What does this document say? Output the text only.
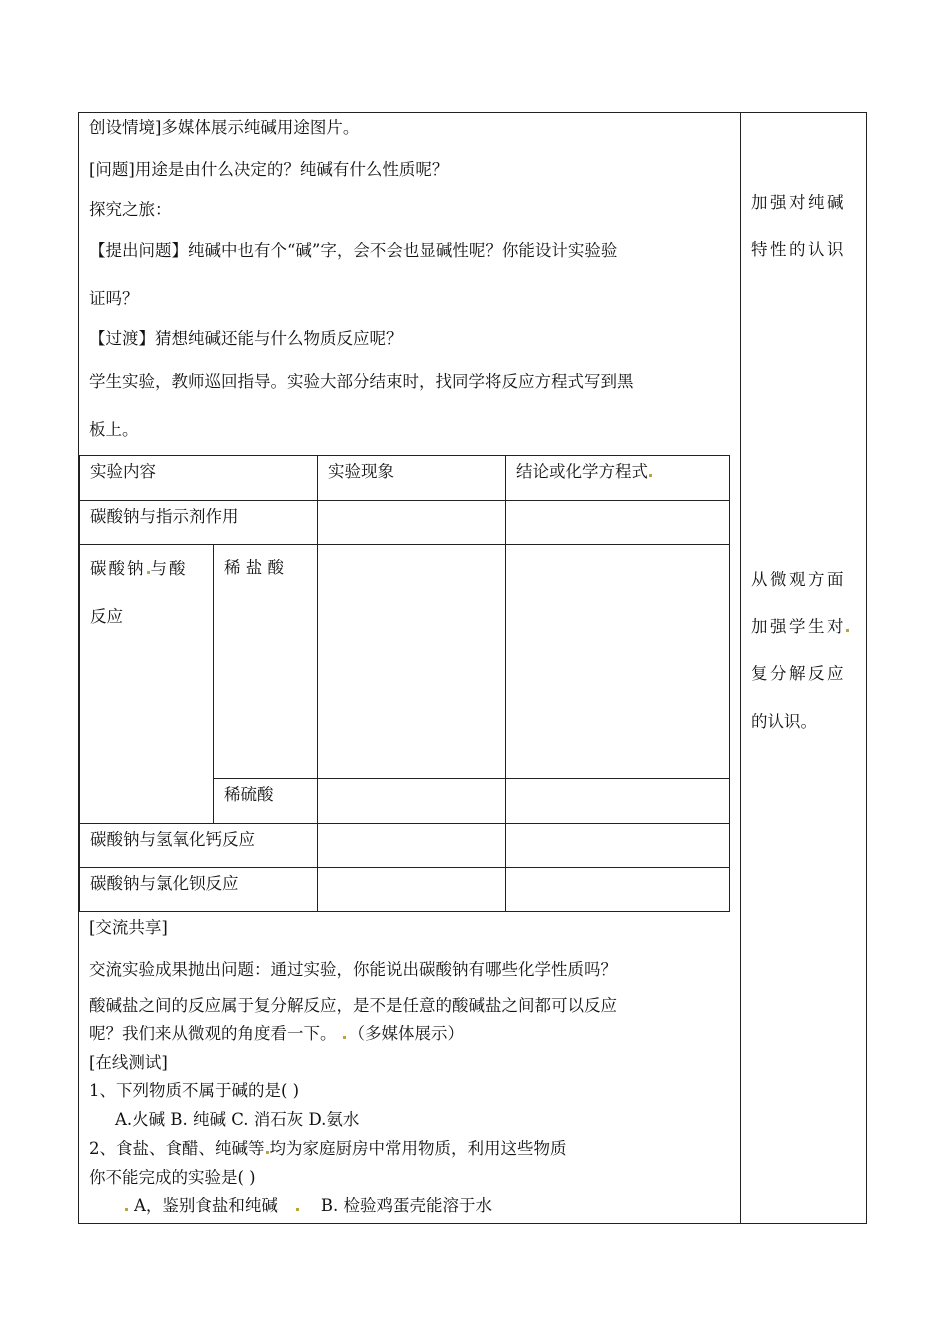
创设情境]多媒体展示纯碱用途图片。
[问题]用途是由什么决定的？纯碱有什么性质呢？
探究之旅：
【提出问题】纯碱中也有个“碱”字，会不会也显碱性呢？你能设计实验验
证吗？
【过渡】猜想纯碱还能与什么物质反应呢？
学生实验，教师巡回指导。实验大部分结束时，找同学将反应方程式写到黑
板上。
实验内容		实验现象	结论或化学方程式

碳酸钠与指示剂作用			

碳酸钠 与酸
反应	稀 盐 酸		

	稀硫酸		

碳酸钠与氢氧化钙反应			

碳酸钠与氯化钡反应			

[交流共享]
交流实验成果抛出问题：通过实验，你能说出碳酸钠有哪些化学性质吗？
酸碱盐之间的反应属于复分解反应，是不是任意的酸碱盐之间都可以反应
呢？我们来从微观的角度看一下。 （多媒体展示）
[在线测试]
1、下列物质不属于碱的是( )
A.火碱 B. 纯碱 C. 消石灰 D.氨水
2、食盐、食醋、纯碱等 均为家庭厨房中常用物质，利用这些物质
你不能完成的实验是( )
A，鉴别食盐和纯碱	B. 检验鸡蛋壳能溶于水
加强对纯碱
特性的认识
从微观方面
加强学生对
复分解反应
的认识。
